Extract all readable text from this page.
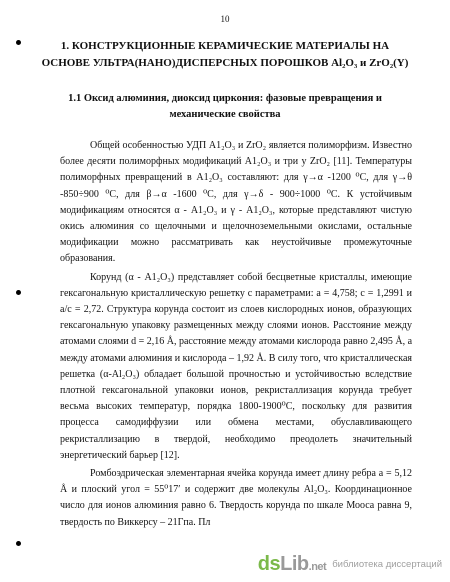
10
1. КОНСТРУКЦИОННЫЕ КЕРАМИЧЕСКИЕ МАТЕРИАЛЫ НА
ОСНОВЕ УЛЬТРА(НАНО)ДИСПЕРСНЫХ ПОРОШКОВ Al₂O₃ и ZrO₂(Y)
1.1 Оксид алюминия, диоксид циркония: фазовые превращения и
механические свойства

Общей особенностью УДП А1₂О₃ и ZrO₂ является полиморфизм. Известно более десяти полиморфных модификаций А1₂О₃ и три у ZrO₂ [11]. Температуры полиморфных превращений в А1₂О₃ составляют: для γ→α -1200 ⁰С, для γ→θ -850÷900 ⁰С, для β→α -1600 ⁰С, для γ→δ - 900÷1000 ⁰С. К устойчивым модификациям относятся α - А1₂О₃ и γ - А1₂О₃, которые представляют чистую окись алюминия со щелочными и щелочноземельными окислами, остальные модификации можно рассматривать как неустойчивые промежуточные образования.

Корунд (α - А1₂О₃) представляет собой бесцветные кристаллы, имеющие гексагональную кристаллическую решетку с параметрами: а = 4,758; с = 1,2991 и а/с = 2,72. Структура корунда состоит из слоев кислородных ионов, образующих гексагональную упаковку размещенных между слоями ионов. Расстояние между атомами слоями d = 2,16 Å, расстояние между атомами кислорода равно 2,495 Å, а между атомами алюминия и кислорода – 1,92 Å. В силу того, что кристаллическая решетка (α-Al₂O₃) обладает большой прочностью и устойчивостью вследствие плотной гексагональной упаковки ионов, рекристаллизация корунда требует весьма высоких температур, порядка 1800-1900⁰С, поскольку для развития процесса самодиффузии или обмена местами, обуславливающего рекристаллизацию в твердой, необходимо преодолеть значительный энергетический барьер [12].

Ромбоэдрическая элементарная ячейка корунда имеет длину ребра а = 5,12 Å и плоский угол = 55⁰17ʹ и содержит две молекулы Al₂O₃. Координационное число для ионов алюминия равно 6. Твердость корунда по шкале Мооса равна 9, твердость по Виккерсу – 21Гпа. Пл

ds Lib .net библиотека диссертаций
